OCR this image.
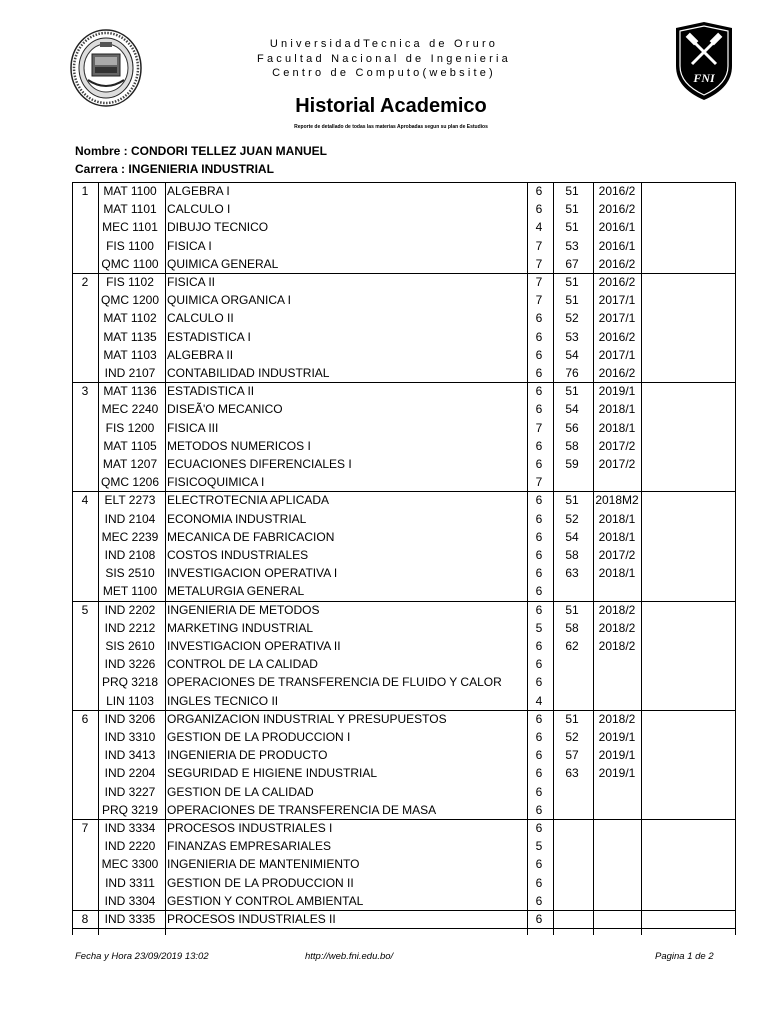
UniversidadTecnica de Oruro
Facultad Nacional de Ingenieria
Centro de Computo(website)	FNI
Historial Academico
Reporte de detallado de todas las materias Aprobadas segun su plan de Estudios
Nombre : CONDORI TELLEZ JUAN MANUEL
Carrera : INGENIERIA INDUSTRIAL
1	MAT 1100 ALGEBRA I	6	51	2016/2
MAT 1101 CALCULO I	6	51	2016/2
MEC 1101 DIBUJO TECNICO	4	51	2016/1
FIS 1100	FISICA I	7	53	2016/1
QMC 1100 QUIMICA GENERAL	7	67	2016/2
2	FIS 1102	FISICA II	7	51	2016/2
QMC 1200 QUIMICA ORGANICA I	7	51	2017/1
MAT 1102 CALCULO II	6	52	2017/1
MAT 1135 ESTADISTICA I	6	53	2016/2
MAT 1103 ALGEBRA II	6	54	2017/1
IND 2107 CONTABILIDAD INDUSTRIAL	6	76	2016/2
3	MAT 1136 ESTADISTICA II	6	51	2019/1
MEC 2240 DISEÃ'O MECANICO	6	54	2018/1
FIS 1200	FISICA III	7	56	2018/1
MAT 1105 METODOS NUMERICOS I	6	58	2017/2
MAT 1207 ECUACIONES DIFERENCIALES I	6	59	2017/2
QMC 1206 FISICOQUIMICA I	7
4	ELT 2273 ELECTROTECNIA APLICADA	6	51	2018M2
IND 2104 ECONOMIA INDUSTRIAL	6	52	2018/1
MEC 2239 MECANICA DE FABRICACION	6	54	2018/1
IND 2108 COSTOS INDUSTRIALES	6	58	2017/2
SIS 2510	INVESTIGACION OPERATIVA I	6	63	2018/1
MET 1100 METALURGIA GENERAL	6
5	IND 2202 INGENIERIA DE METODOS	6	51	2018/2
IND 2212 MARKETING INDUSTRIAL	5	58	2018/2
SIS 2610	INVESTIGACION OPERATIVA II	6	62	2018/2
IND 3226 CONTROL DE LA CALIDAD	6
PRQ 3218 OPERACIONES DE TRANSFERENCIA DE FLUIDO Y CALOR	6
LIN 1103	INGLES TECNICO II	4
6	IND 3206 ORGANIZACION INDUSTRIAL Y PRESUPUESTOS	6	51	2018/2
IND 3310 GESTION DE LA PRODUCCION I	6	52	2019/1
IND 3413 INGENIERIA DE PRODUCTO	6	57	2019/1
IND 2204 SEGURIDAD E HIGIENE INDUSTRIAL	6	63	2019/1
IND 3227 GESTION DE LA CALIDAD	6
PRQ 3219 OPERACIONES DE TRANSFERENCIA DE MASA	6
7	IND 3334 PROCESOS INDUSTRIALES I	6
IND 2220 FINANZAS EMPRESARIALES	5
MEC 3300 INGENIERIA DE MANTENIMIENTO	6
IND 3311	GESTION DE LA PRODUCCION II	6
IND 3304 GESTION Y CONTROL AMBIENTAL	6
8	IND 3335 PROCESOS INDUSTRIALES II	6
Fecha y Hora 23/09/2019 13:02	http://web.fni.edu.bo/	Pagina 1 de 2
